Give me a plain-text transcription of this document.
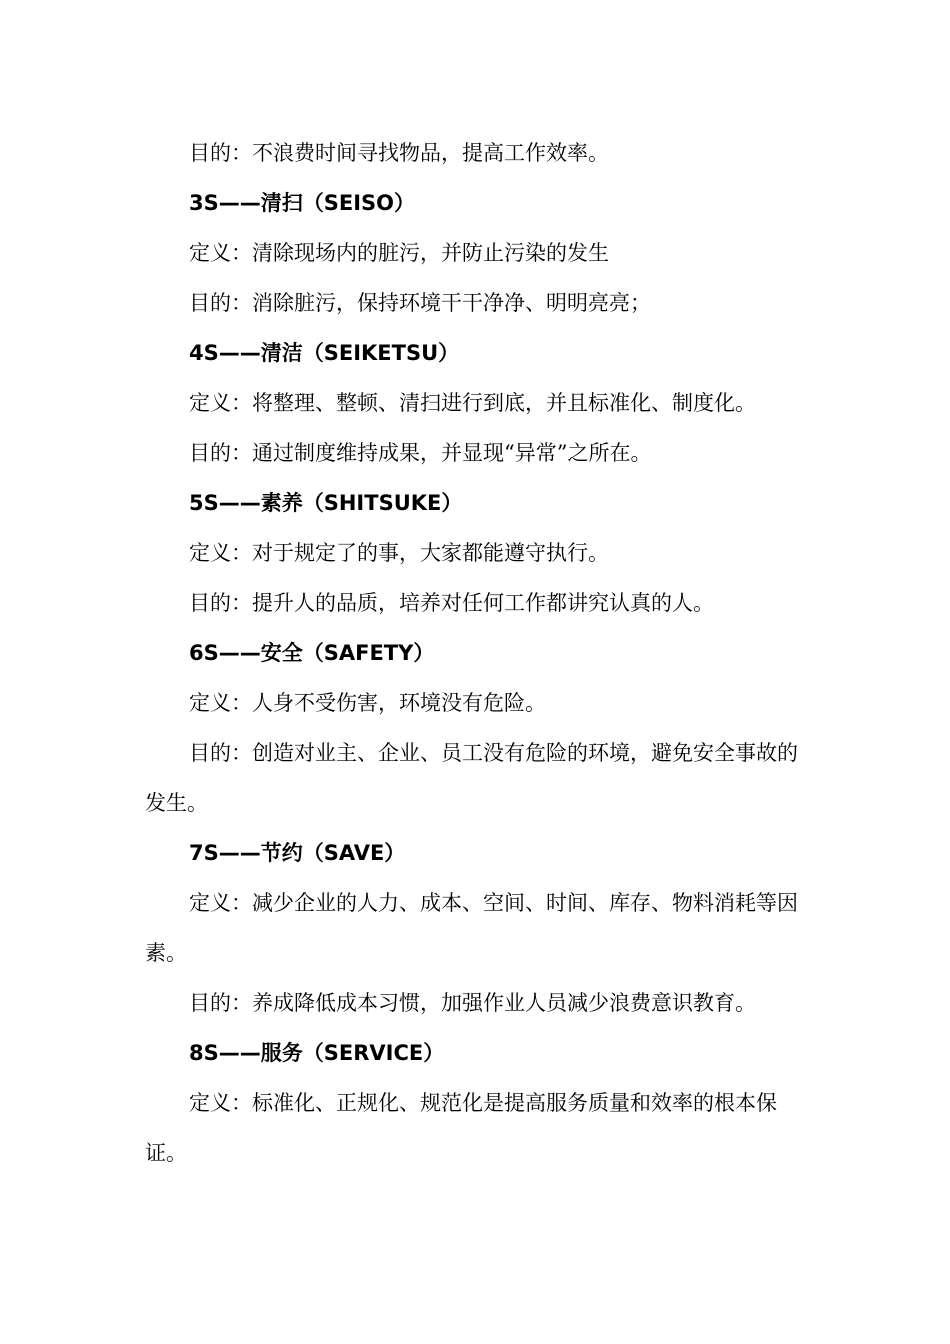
目的：不浪费时间寻找物品，提高工作效率。

3S——清扫（SEISO）

定义：清除现场内的脏污，并防止污染的发生

目的：消除脏污，保持环境干干净净、明明亮亮；

4S——清洁（SEIKETSU）

定义：将整理、整顿、清扫进行到底，并且标准化、制度化。

目的：通过制度维持成果，并显现“异常”之所在。

5S——素养（SHITSUKE）

定义：对于规定了的事，大家都能遵守执行。

目的：提升人的品质，培养对任何工作都讲究认真的人。

6S——安全（SAFETY）

定义：人身不受伤害，环境没有危险。

目的：创造对业主、企业、员工没有危险的环境，避免安全事故的发生。

7S——节约（SAVE）

定义：减少企业的人力、成本、空间、时间、库存、物料消耗等因素。

目的：养成降低成本习惯，加强作业人员减少浪费意识教育。

8S——服务（SERVICE）

定义：标准化、正规化、规范化是提高服务质量和效率的根本保证。
